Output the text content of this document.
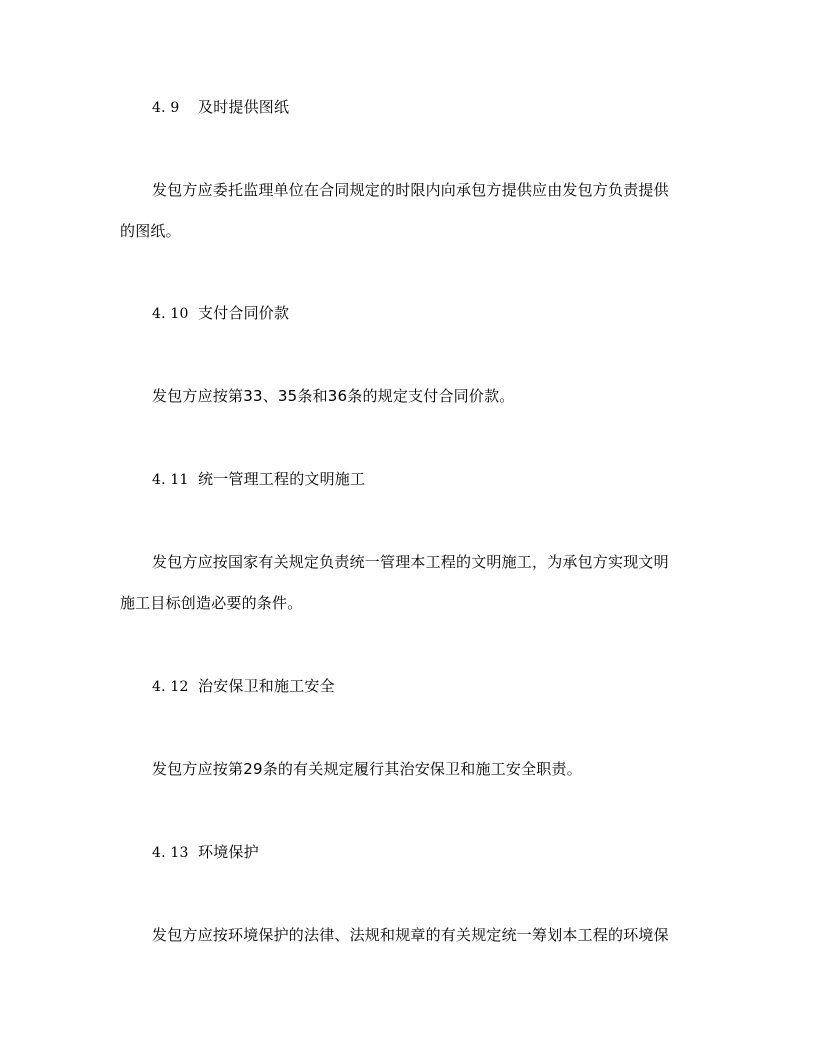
4. 9 及时提供图纸
发包方应委托监理单位在合同规定的时限内向承包方提供应由发包方负责提供
的图纸。
4. 10 支付合同价款
发包方应按第33、35条和36条的规定支付合同价款。
4. 11 统一管理工程的文明施工
发包方应按国家有关规定负责统一管理本工程的文明施工，为承包方实现文明
施工目标创造必要的条件。
4. 12 治安保卫和施工安全
发包方应按第29条的有关规定履行其治安保卫和施工安全职责。
4. 13 环境保护
发包方应按环境保护的法律、法规和规章的有关规定统一筹划本工程的环境保
